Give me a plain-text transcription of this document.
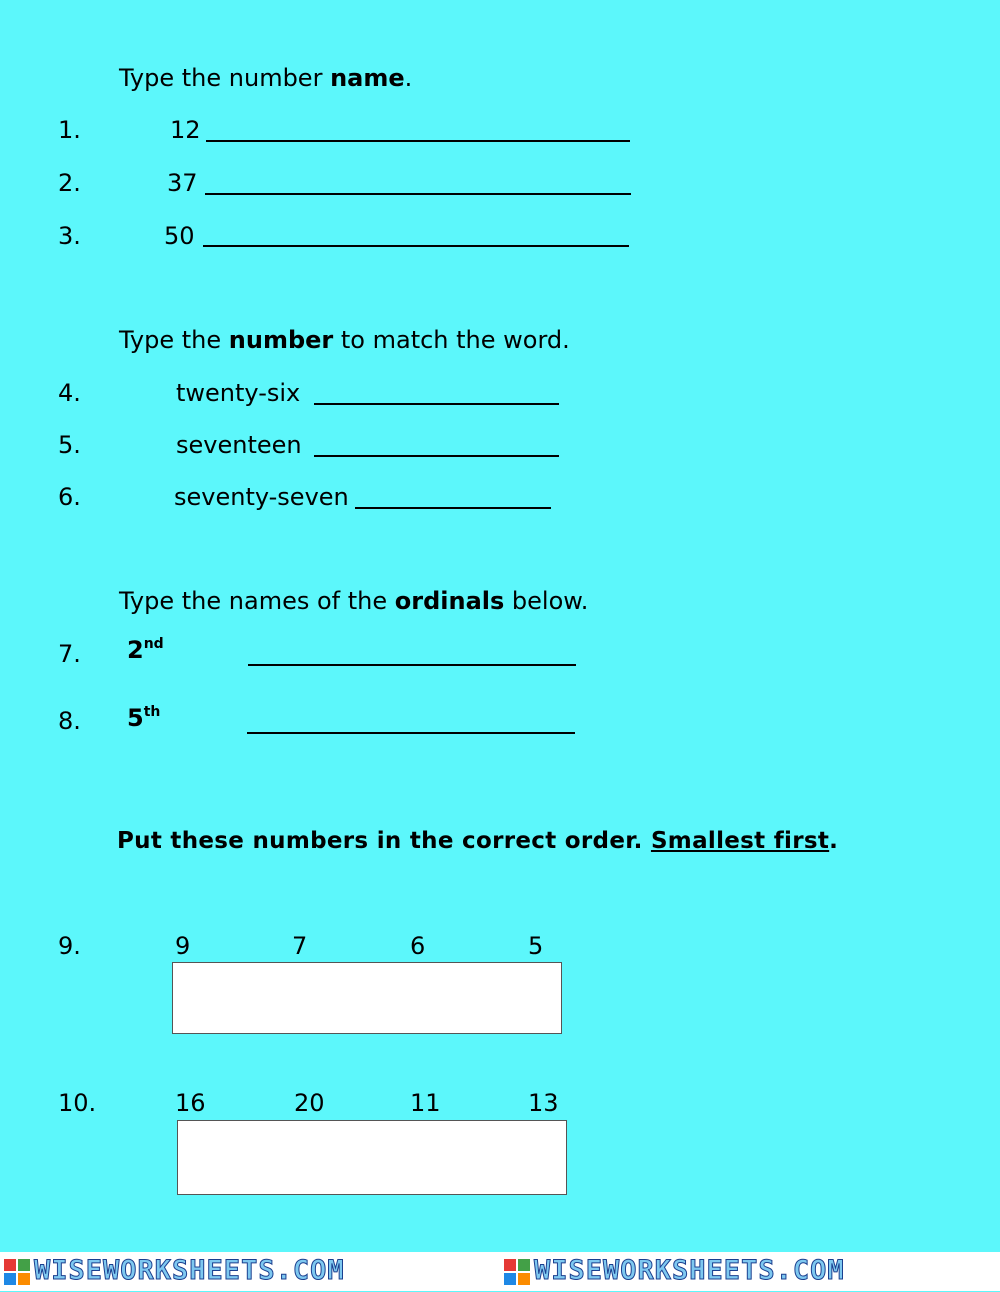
Type the number name.
1.	12
2.	37
3.	50
Type the number to match the word.
4.	twenty-six
5.	seventeen
6.	seventy-seven
Type the names of the ordinals below.
7. 2nd
8. 5th
Put these numbers in the correct order. Smallest first.
9.	9	7	6	5
10.	16	20	11	13
WISEWORKSHEETS.COM	WISEWORKSHEETS.COM
